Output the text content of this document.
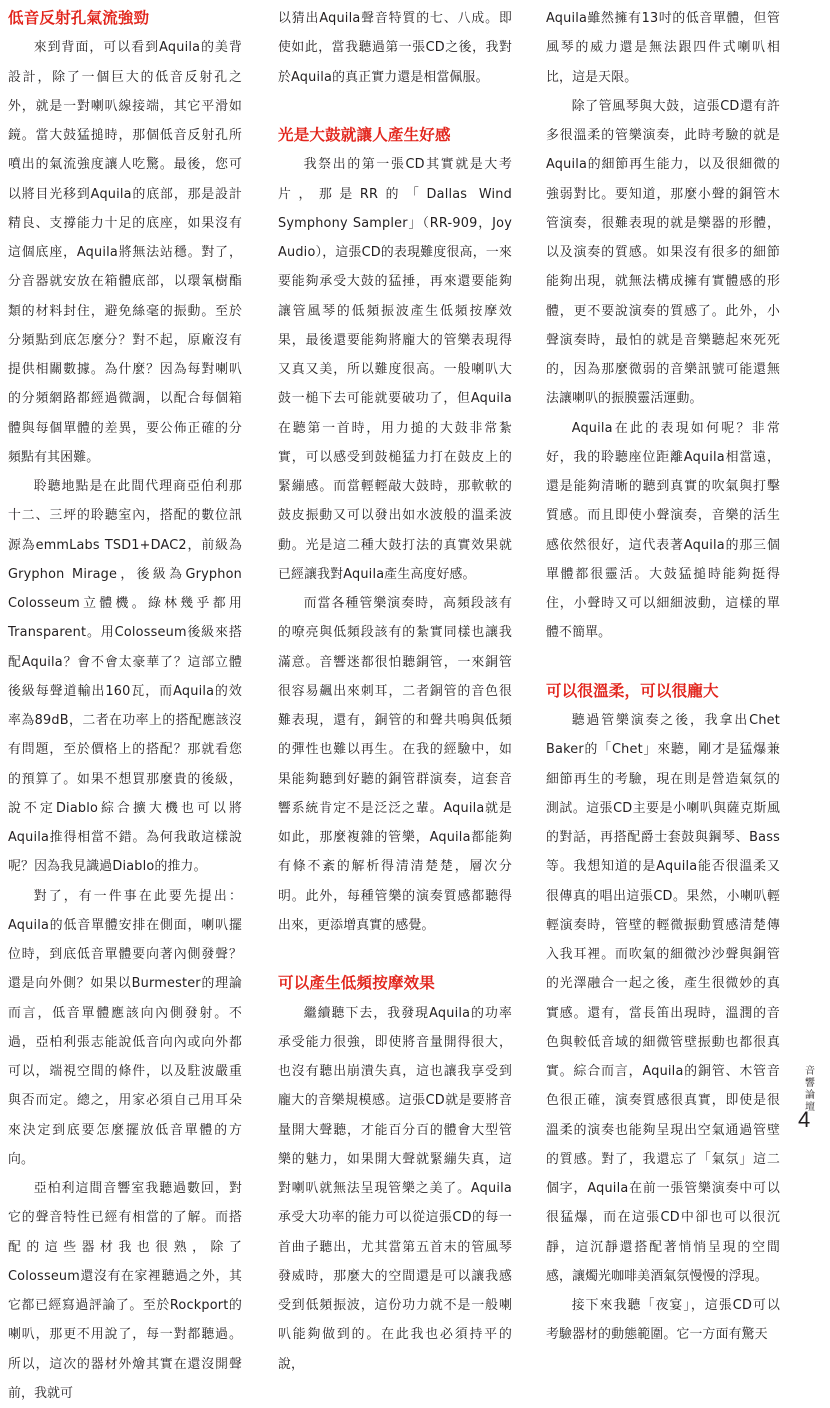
低音反射孔氣流強勁

來到背面，可以看到Aquila的美背設計，除了一個巨大的低音反射孔之外，就是一對喇叭線接端，其它平滑如鏡。當大鼓猛搥時，那個低音反射孔所噴出的氣流強度讓人吃驚。最後，您可以將目光移到Aquila的底部，那是設計精良、支撐能力十足的底座，如果沒有這個底座，Aquila將無法站穩。對了，分音器就安放在箱體底部，以環氧樹酯類的材料封住，避免絲毫的振動。至於分頻點到底怎麼分？對不起，原廠沒有提供相關數據。為什麼？因為每對喇叭的分頻網路都經過微調，以配合每個箱體與每個單體的差異，要公佈正確的分頻點有其困難。

聆聽地點是在此間代理商亞伯利那十二、三坪的聆聽室內，搭配的數位訊源為emmLabs TSD1+DAC2，前級為Gryphon Mirage，後級為Gryphon Colosseum立體機。綠林幾乎都用Transparent。用Colosseum後級來搭配Aquila？會不會太豪華了？這部立體後級每聲道輸出160瓦，而Aquila的效率為89dB，二者在功率上的搭配應該沒有問題，至於價格上的搭配？那就看您的預算了。如果不想買那麼貴的後級，說不定Diablo綜合擴大機也可以將Aquila推得相當不錯。為何我敢這樣說呢？因為我見識過Diablo的推力。

對了，有一件事在此要先提出：Aquila的低音單體安排在側面，喇叭擺位時，到底低音單體要向著內側發聲？還是向外側？如果以Burmester的理論而言，低音單體應該向內側發射。不過，亞柏利張志能說低音向內或向外都可以，端視空間的條件，以及駐波嚴重與否而定。總之，用家必須自己用耳朵來決定到底要怎麼擺放低音單體的方向。

亞柏利這間音響室我聽過數回，對它的聲音特性已經有相當的了解。而搭配的這些器材我也很熟，除了Colosseum還沒有在家裡聽過之外，其它都已經寫過評論了。至於Rockport的喇叭，那更不用說了，每一對都聽過。所以，這次的器材外燴其實在還沒開聲前，我就可

以猜出Aquila聲音特質的七、八成。即使如此，當我聽過第一張CD之後，我對於Aquila的真正實力還是相當佩服。

光是大鼓就讓人產生好感

我祭出的第一張CD其實就是大考片，那是RR的「Dallas Wind Symphony Sampler」（RR-909，Joy Audio），這張CD的表現難度很高，一來要能夠承受大鼓的猛捶，再來還要能夠讓管風琴的低頻振波產生低頻按摩效果，最後還要能夠將龐大的管樂表現得又真又美，所以難度很高。一般喇叭大鼓一槌下去可能就要破功了，但Aquila在聽第一首時，用力搥的大鼓非常紮實，可以感受到鼓槌猛力打在鼓皮上的緊繃感。而當輕輕敲大鼓時，那軟軟的鼓皮振動又可以發出如水波般的溫柔波動。光是這二種大鼓打法的真實效果就已經讓我對Aquila產生高度好感。

而當各種管樂演奏時，高頻段該有的嘹亮與低頻段該有的紮實同樣也讓我滿意。音響迷都很怕聽銅管，一來銅管很容易飆出來刺耳，二者銅管的音色很難表現，還有，銅管的和聲共鳴與低頻的彈性也難以再生。在我的經驗中，如果能夠聽到好聽的銅管群演奏，這套音響系統肯定不是泛泛之輩。Aquila就是如此，那麼複雜的管樂，Aquila都能夠有條不紊的解析得清清楚楚，層次分明。此外，每種管樂的演奏質感都聽得出來，更添增真實的感覺。

可以產生低頻按摩效果

繼續聽下去，我發現Aquila的功率承受能力很強，即使將音量開得很大，也沒有聽出崩潰失真，這也讓我享受到龐大的音樂規模感。這張CD就是要將音量開大聲聽，才能百分百的體會大型管樂的魅力，如果開大聲就緊繃失真，這對喇叭就無法呈現管樂之美了。Aquila承受大功率的能力可以從這張CD的每一首曲子聽出，尤其當第五首末的管風琴發威時，那麼大的空間還是可以讓我感受到低頻振波，這份功力就不是一般喇叭能夠做到的。在此我也必須持平的說，

Aquila雖然擁有13吋的低音單體，但管風琴的威力還是無法跟四件式喇叭相比，這是天限。

除了管風琴與大鼓，這張CD還有許多很溫柔的管樂演奏，此時考驗的就是Aquila的細節再生能力，以及很細微的強弱對比。要知道，那麼小聲的銅管木管演奏，很難表現的就是樂器的形體，以及演奏的質感。如果沒有很多的細節能夠出現，就無法構成擁有實體感的形體，更不要說演奏的質感了。此外，小聲演奏時，最怕的就是音樂聽起來死死的，因為那麼微弱的音樂訊號可能還無法讓喇叭的振膜靈活運動。

Aquila在此的表現如何呢？非常好，我的聆聽座位距離Aquila相當遠，還是能夠清晰的聽到真實的吹氣與打擊質感。而且即使小聲演奏，音樂的活生感依然很好，這代表著Aquila的那三個單體都很靈活。大鼓猛搥時能夠挺得住，小聲時又可以細細波動，這樣的單體不簡單。

可以很溫柔，可以很龐大

聽過管樂演奏之後，我拿出Chet Baker的「Chet」來聽，剛才是猛爆兼細節再生的考驗，現在則是營造氣氛的測試。這張CD主要是小喇叭與薩克斯風的對話，再搭配爵士套鼓與鋼琴、Bass等。我想知道的是Aquila能否很溫柔又很傳真的唱出這張CD。果然，小喇叭輕輕演奏時，管壁的輕微振動質感清楚傳入我耳裡。而吹氣的細微沙沙聲與銅管的光澤融合一起之後，產生很微妙的真實感。還有，當長笛出現時，溫潤的音色與較低音域的細微管壁振動也都很真實。綜合而言，Aquila的銅管、木管音色很正確，演奏質感很真實，即使是很溫柔的演奏也能夠呈現出空氣通過管壁的質感。對了，我還忘了「氣氛」這二個字，Aquila在前一張管樂演奏中可以很猛爆，而在這張CD中卻也可以很沉靜，這沉靜還搭配著悄悄呈現的空間感，讓燭光咖啡美酒氣氛慢慢的浮現。

接下來我聽「夜宴」，這張CD可以考驗器材的動態範圍。它一方面有驚天

音響論壇
4
